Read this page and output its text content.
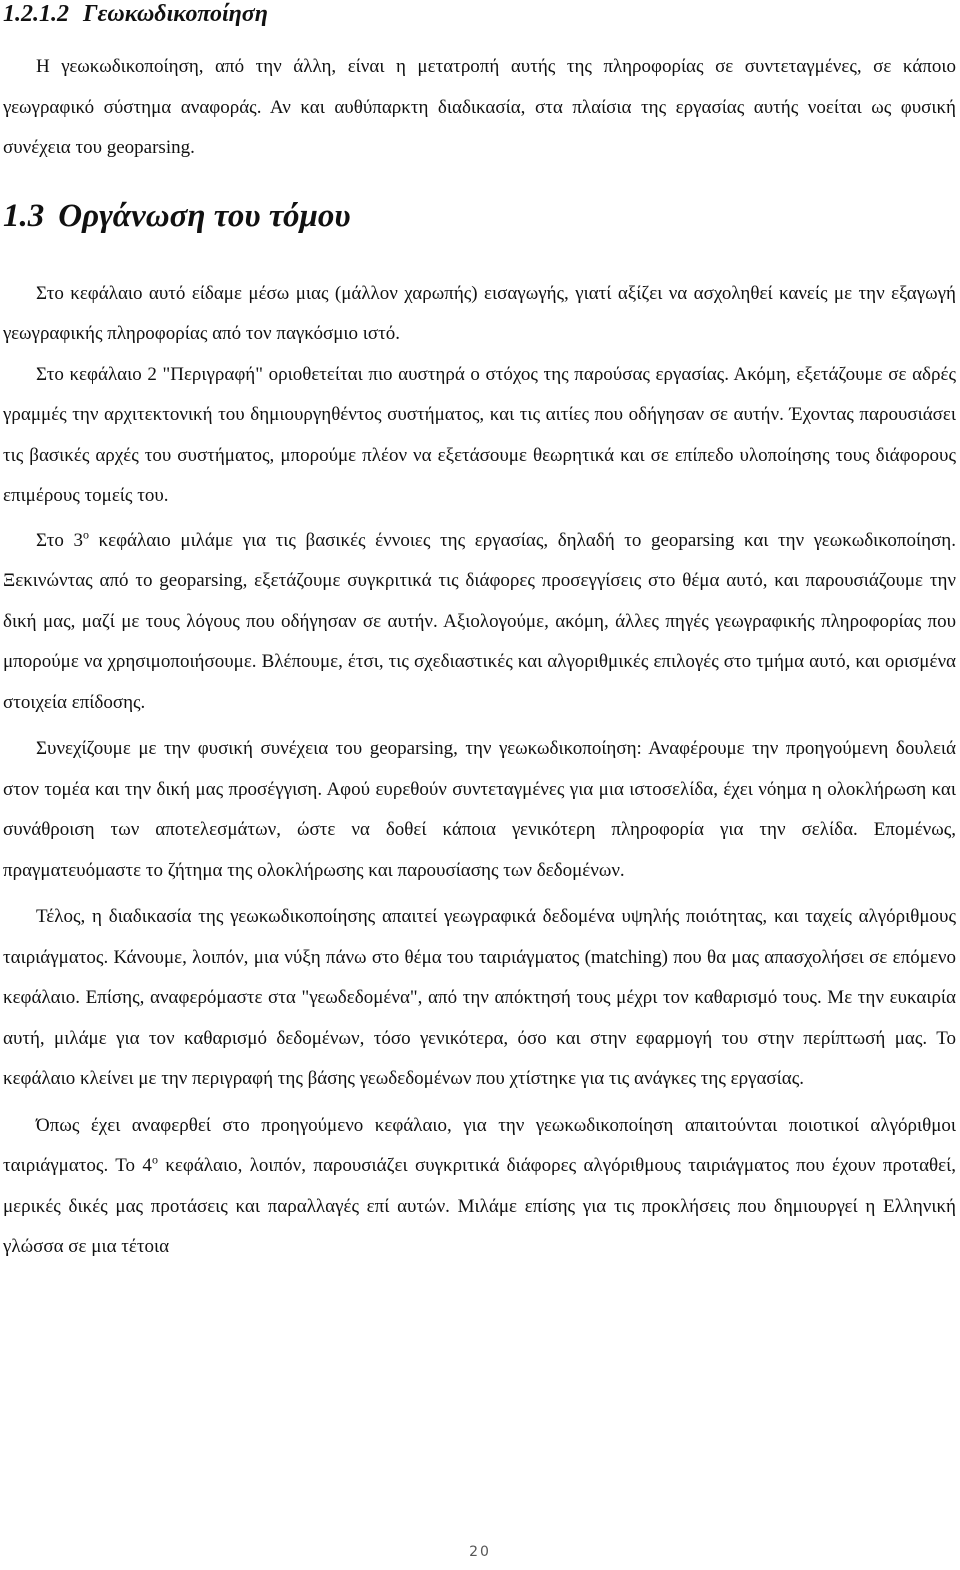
1.2.1.2 Γεωκωδικοποίηση

Η γεωκωδικοποίηση, από την άλλη, είναι η μετατροπή αυτής της πληροφορίας σε συντεταγμένες, σε κάποιο γεωγραφικό σύστημα αναφοράς. Αν και αυθύπαρκτη διαδικασία, στα πλαίσια της εργασίας αυτής νοείται ως φυσική συνέχεια του geoparsing.

1.3 Οργάνωση του τόμου

Στο κεφάλαιο αυτό είδαμε μέσω μιας (μάλλον χαρωπής) εισαγωγής, γιατί αξίζει να ασχοληθεί κανείς με την εξαγωγή γεωγραφικής πληροφορίας από τον παγκόσμιο ιστό.

Στο κεφάλαιο 2 "Περιγραφή" οριοθετείται πιο αυστηρά ο στόχος της παρούσας εργασίας. Ακόμη, εξετάζουμε σε αδρές γραμμές την αρχιτεκτονική του δημιουργηθέντος συστήματος, και τις αιτίες που οδήγησαν σε αυτήν. Έχοντας παρουσιάσει τις βασικές αρχές του συστήματος, μπορούμε πλέον να εξετάσουμε θεωρητικά και σε επίπεδο υλοποίησης τους διάφορους επιμέρους τομείς του.

Στο $3^o$ κεφάλαιο μιλάμε για τις βασικές έννοιες της εργασίας, δηλαδή το geoparsing και την γεωκωδικοποίηση. Ξεκινώντας από το geoparsing, εξετάζουμε συγκριτικά τις διάφορες προσεγγίσεις στο θέμα αυτό, και παρουσιάζουμε την δική μας, μαζί με τους λόγους που οδήγησαν σε αυτήν. Αξιολογούμε, ακόμη, άλλες πηγές γεωγραφικής πληροφορίας που μπορούμε να χρησιμοποιήσουμε. Βλέπουμε, έτσι, τις σχεδιαστικές και αλγοριθμικές επιλογές στο τμήμα αυτό, και ορισμένα στοιχεία επίδοσης.

Συνεχίζουμε με την φυσική συνέχεια του geoparsing, την γεωκωδικοποίηση: Αναφέρουμε την προηγούμενη δουλειά στον τομέα και την δική μας προσέγγιση. Αφού ευρεθούν συντεταγμένες για μια ιστοσελίδα, έχει νόημα η ολοκλήρωση και συνάθροιση των αποτελεσμάτων, ώστε να δοθεί κάποια γενικότερη πληροφορία για την σελίδα. Επομένως, πραγματευόμαστε το ζήτημα της ολοκλήρωσης και παρουσίασης των δεδομένων.

Τέλος, η διαδικασία της γεωκωδικοποίησης απαιτεί γεωγραφικά δεδομένα υψηλής ποιότητας, και ταχείς αλγόριθμους ταιριάγματος. Κάνουμε, λοιπόν, μια νύξη πάνω στο θέμα του ταιριάγματος (matching) που θα μας απασχολήσει σε επόμενο κεφάλαιο. Επίσης, αναφερόμαστε στα "γεωδεδομένα", από την απόκτησή τους μέχρι τον καθαρισμό τους. Με την ευκαιρία αυτή, μιλάμε για τον καθαρισμό δεδομένων, τόσο γενικότερα, όσο και στην εφαρμογή του στην περίπτωσή μας. Το κεφάλαιο κλείνει με την περιγραφή της βάσης γεωδεδομένων που χτίστηκε για τις ανάγκες της εργασίας.

Όπως έχει αναφερθεί στο προηγούμενο κεφάλαιο, για την γεωκωδικοποίηση απαιτούνται ποιοτικοί αλγόριθμοι ταιριάγματος. Το $4^o$ κεφάλαιο, λοιπόν, παρουσιάζει συγκριτικά διάφορες αλγόριθμους ταιριάγματος που έχουν προταθεί, μερικές δικές μας προτάσεις και παραλλαγές επί αυτών. Μιλάμε επίσης για τις προκλήσεις που δημιουργεί η Ελληνική γλώσσα σε μια τέτοια

20
